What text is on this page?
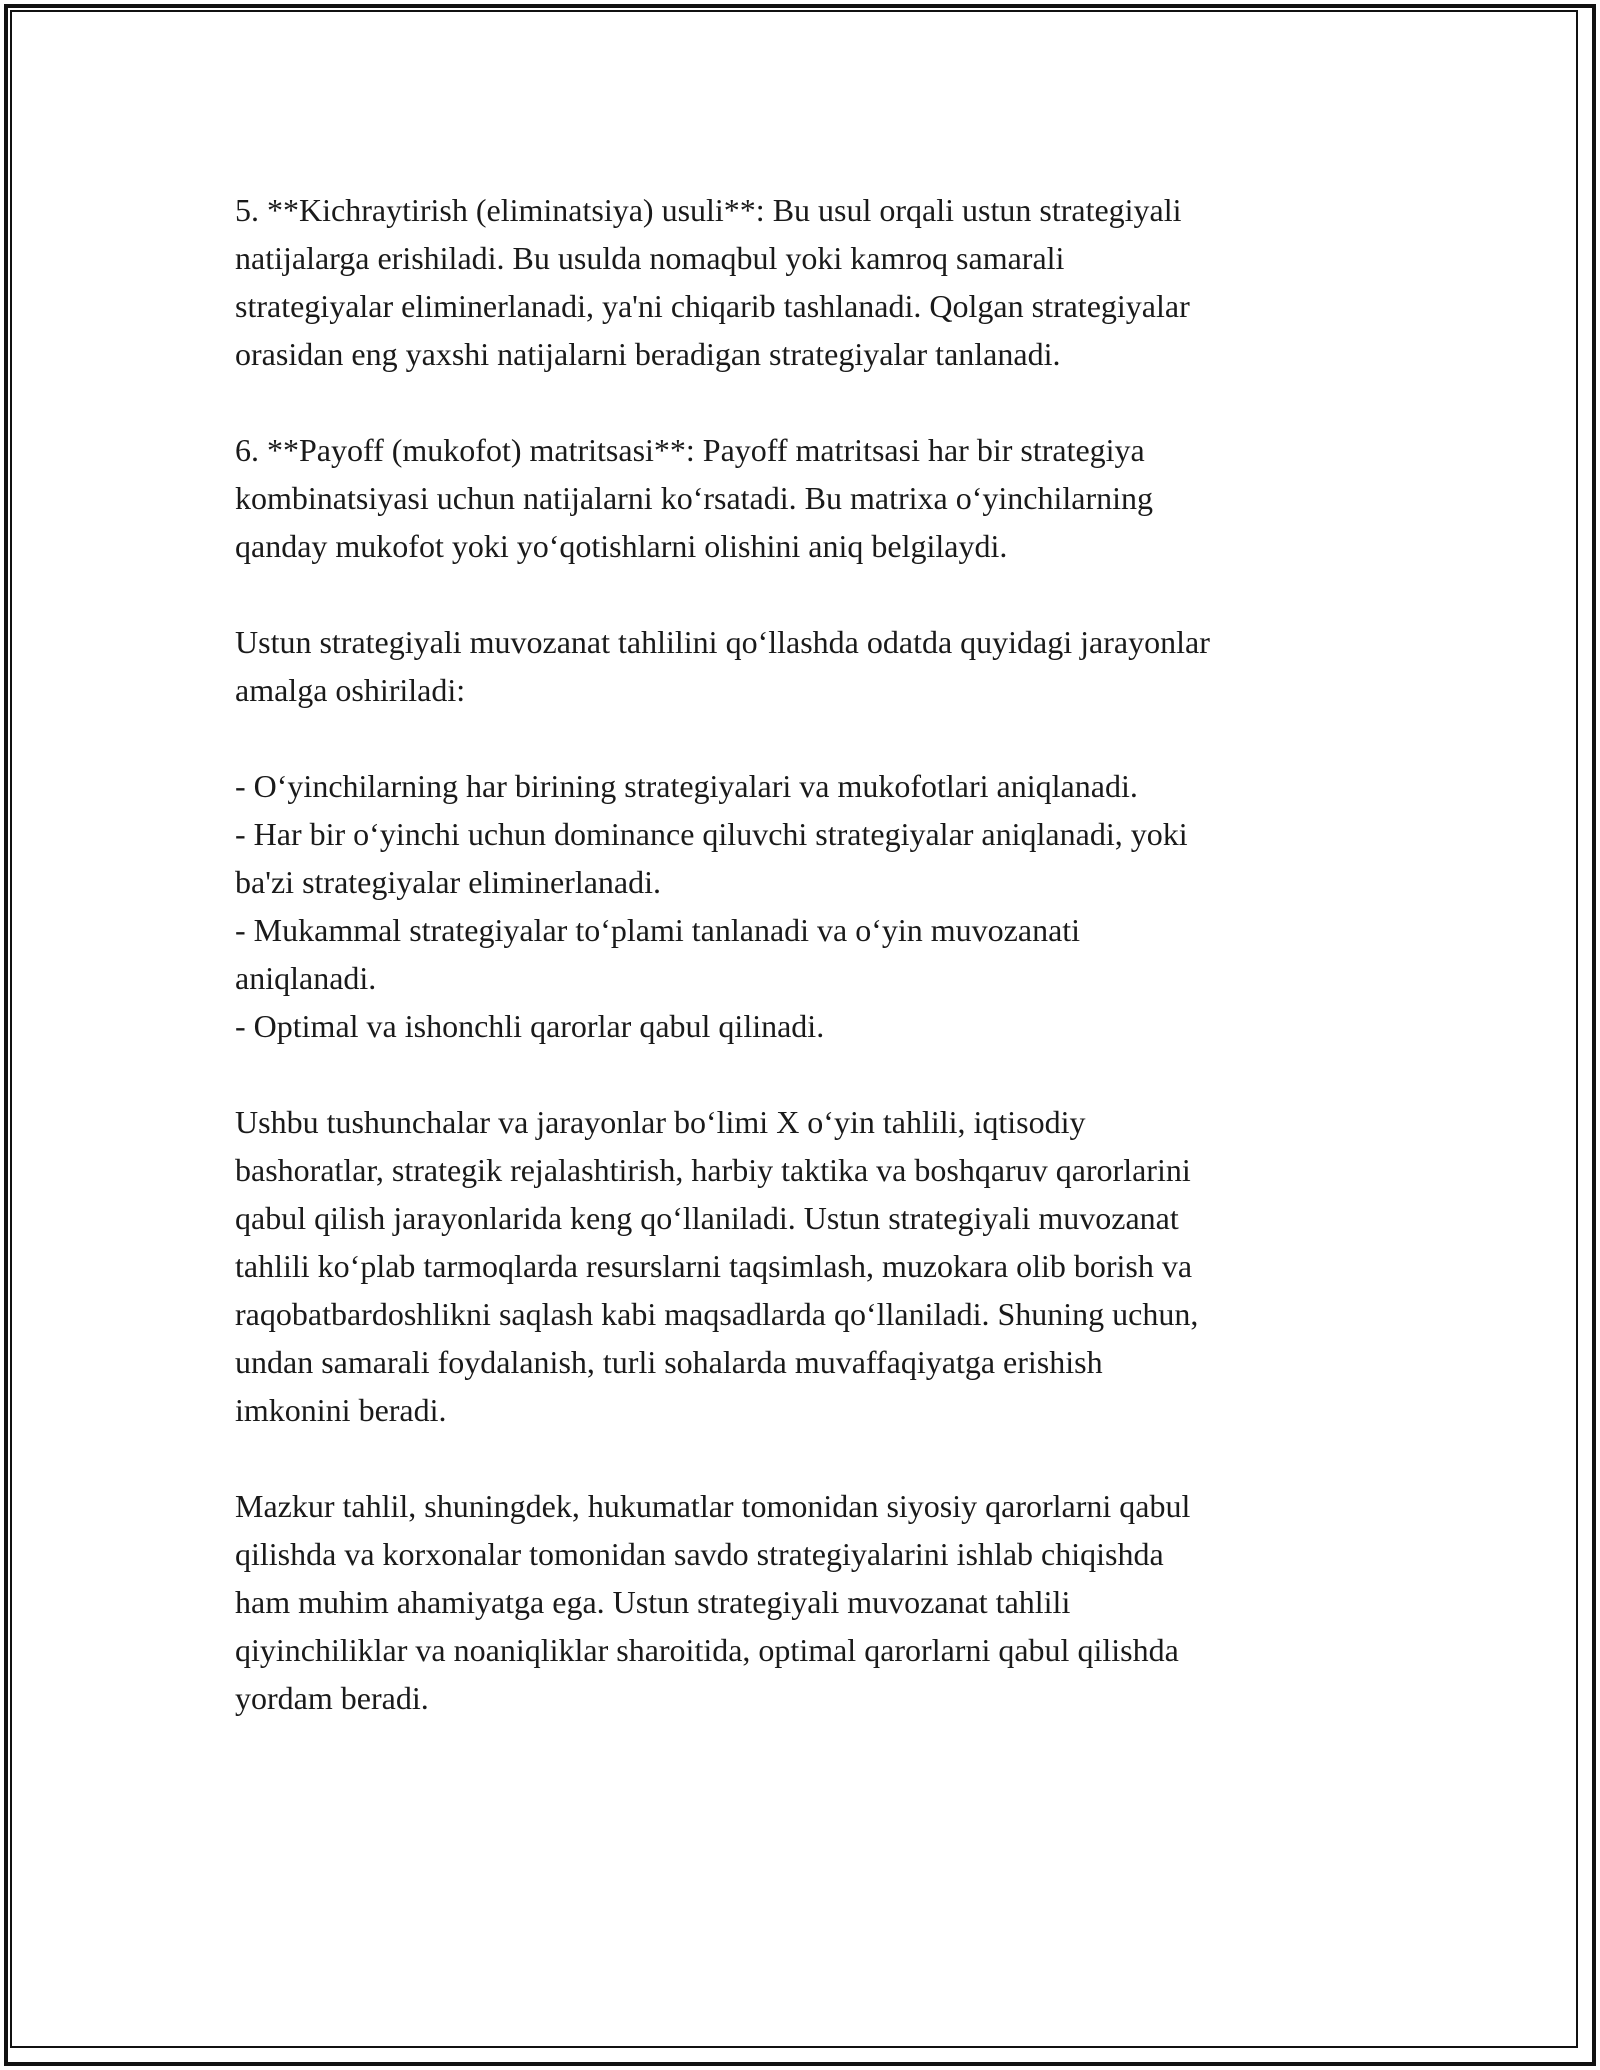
5. **Kichraytirish (eliminatsiya) usuli**: Bu usul orqali ustun strategiyali
natijalarga erishiladi. Bu usulda nomaqbul yoki kamroq samarali
strategiyalar eliminerlanadi, ya'ni chiqarib tashlanadi. Qolgan strategiyalar
orasidan eng yaxshi natijalarni beradigan strategiyalar tanlanadi.

6. **Payoff (mukofot) matritsasi**: Payoff matritsasi har bir strategiya
kombinatsiyasi uchun natijalarni ko‘rsatadi. Bu matrixa o‘yinchilarning
qanday mukofot yoki yo‘qotishlarni olishini aniq belgilaydi.

Ustun strategiyali muvozanat tahlilini qo‘llashda odatda quyidagi jarayonlar
amalga oshiriladi:

- O‘yinchilarning har birining strategiyalari va mukofotlari aniqlanadi.
- Har bir o‘yinchi uchun dominance qiluvchi strategiyalar aniqlanadi, yoki
ba'zi strategiyalar eliminerlanadi.
- Mukammal strategiyalar to‘plami tanlanadi va o‘yin muvozanati
aniqlanadi.
- Optimal va ishonchli qarorlar qabul qilinadi.

Ushbu tushunchalar va jarayonlar bo‘limi X o‘yin tahlili, iqtisodiy
bashoratlar, strategik rejalashtirish, harbiy taktika va boshqaruv qarorlarini
qabul qilish jarayonlarida keng qo‘llaniladi. Ustun strategiyali muvozanat
tahlili ko‘plab tarmoqlarda resurslarni taqsimlash, muzokara olib borish va
raqobatbardoshlikni saqlash kabi maqsadlarda qo‘llaniladi. Shuning uchun,
undan samarali foydalanish, turli sohalarda muvaffaqiyatga erishish
imkonini beradi.

Mazkur tahlil, shuningdek, hukumatlar tomonidan siyosiy qarorlarni qabul
qilishda va korxonalar tomonidan savdo strategiyalarini ishlab chiqishda
ham muhim ahamiyatga ega. Ustun strategiyali muvozanat tahlili
qiyinchiliklar va noaniqliklar sharoitida, optimal qarorlarni qabul qilishda
yordam beradi.
